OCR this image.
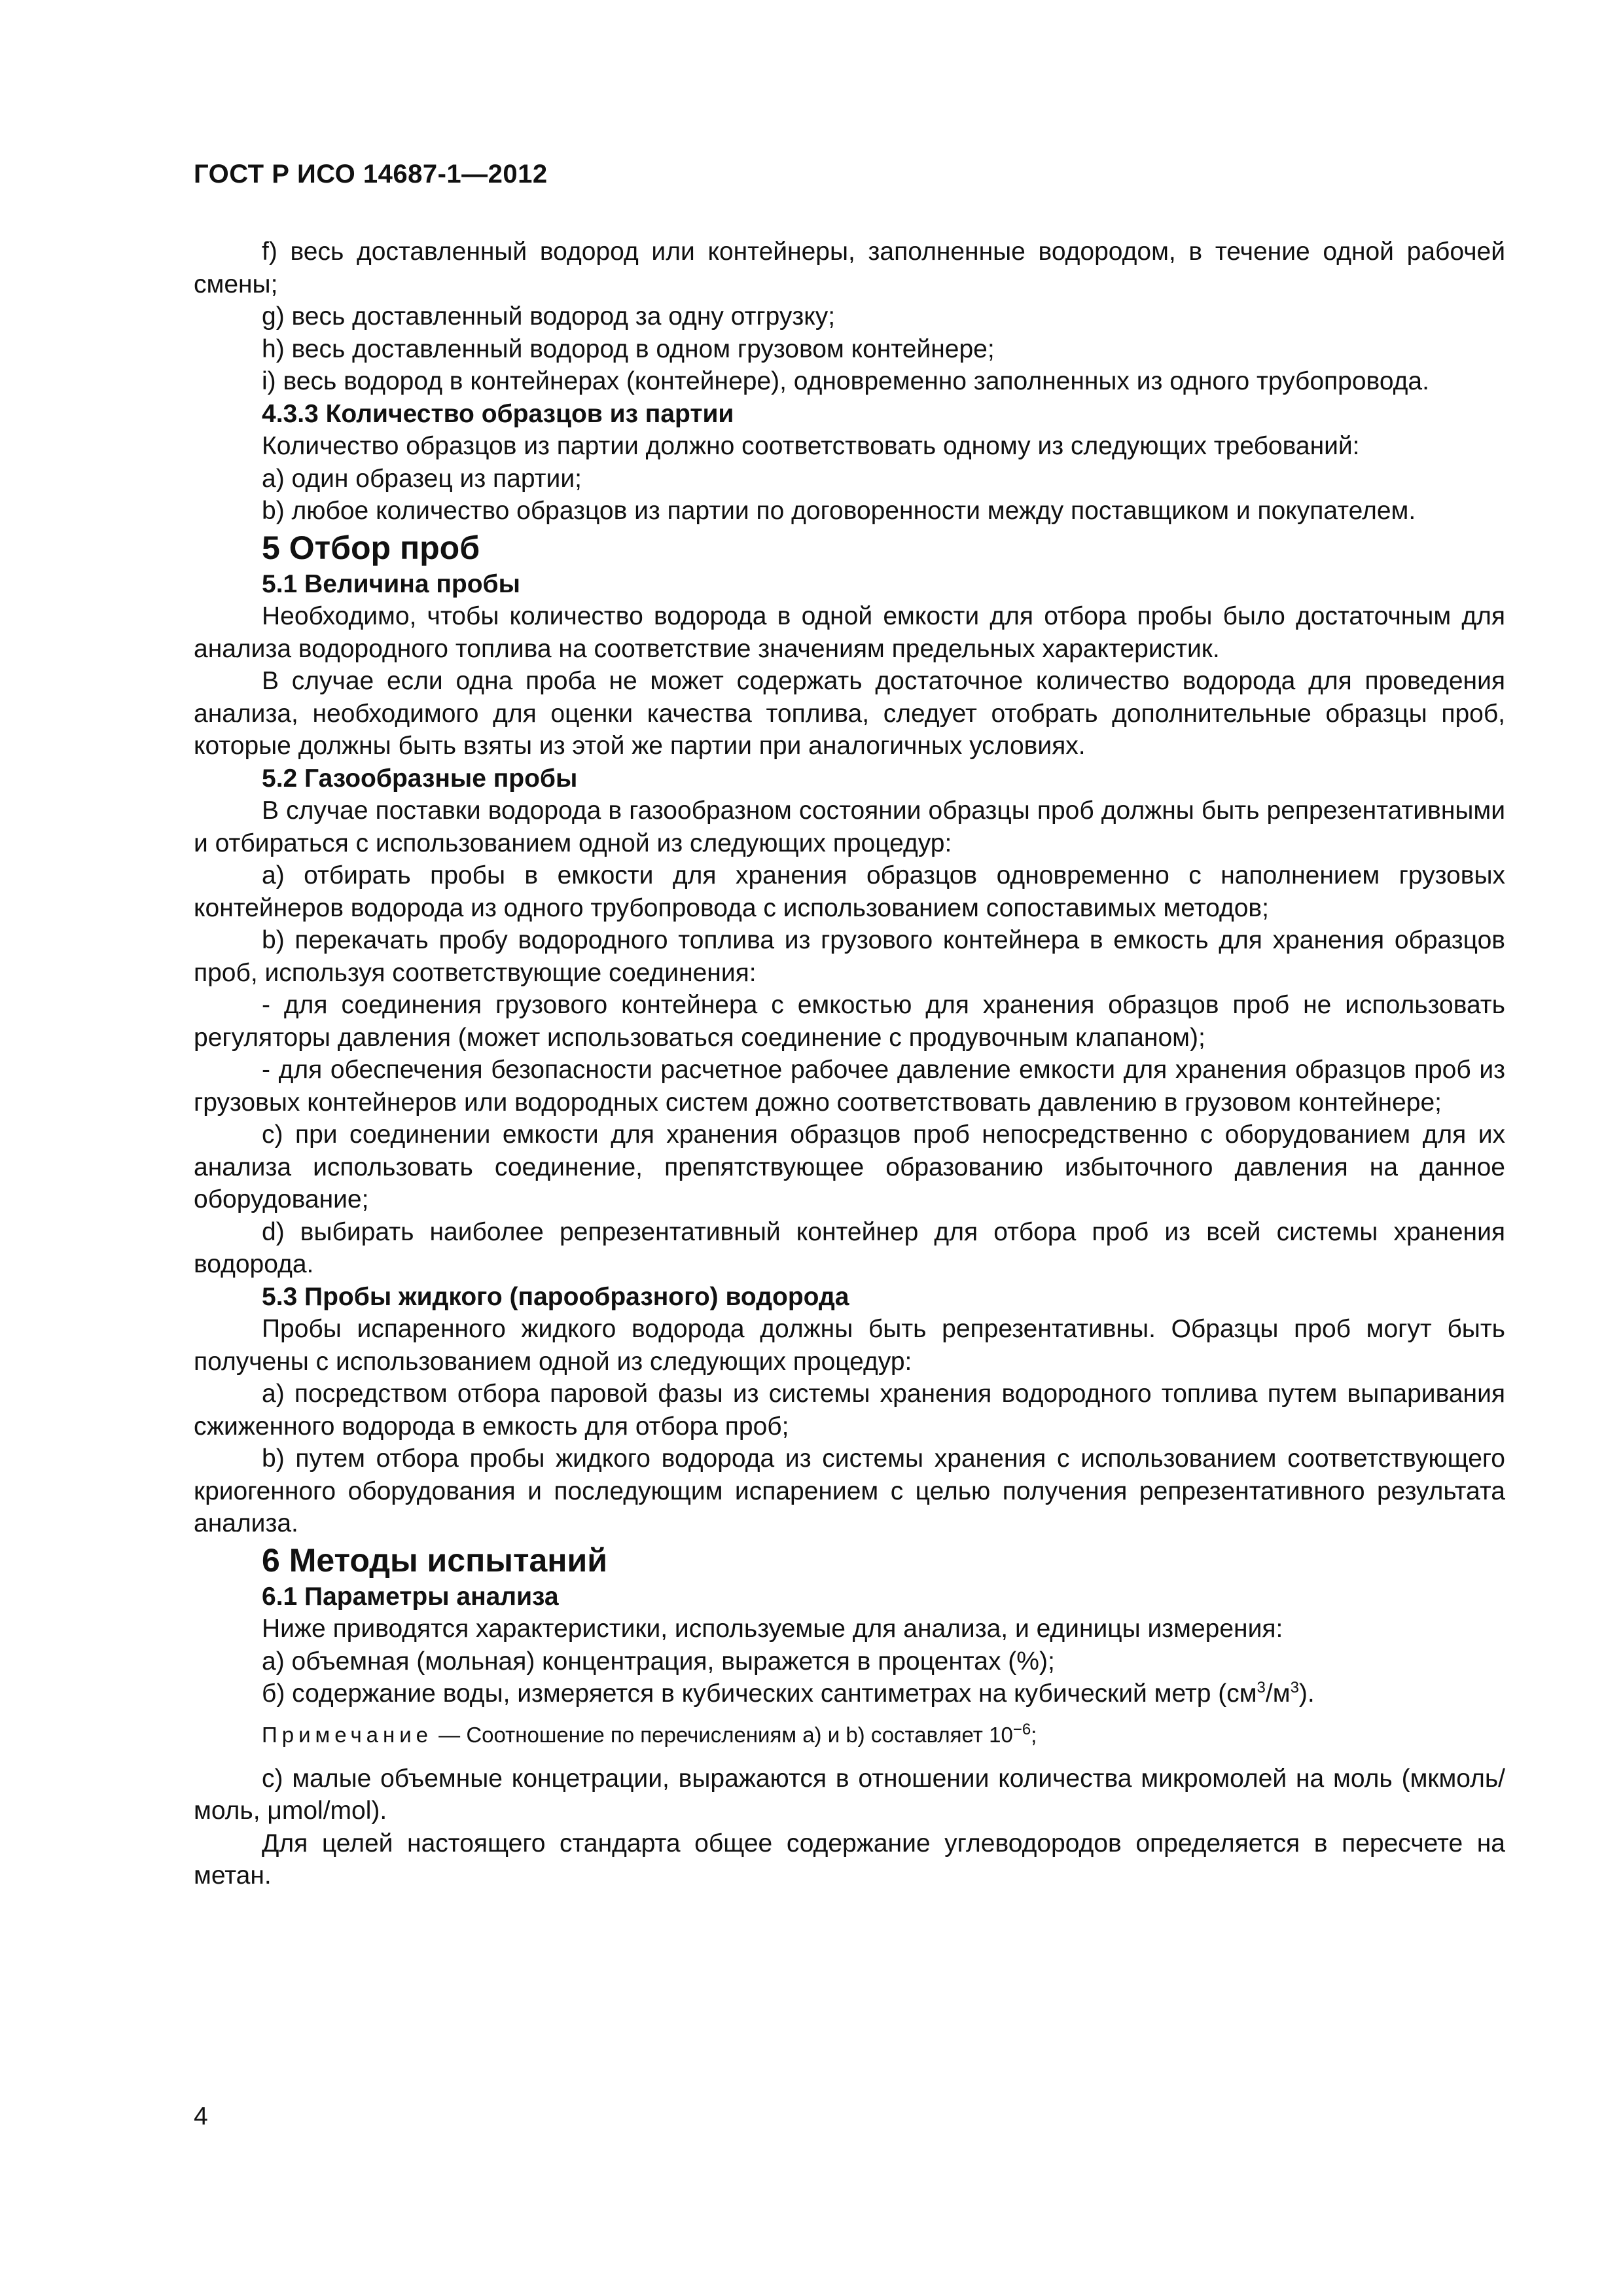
ГОСТ Р ИСО 14687-1—2012

f) весь доставленный водород или контейнеры, заполненные водородом, в течение одной рабочей смены;

g) весь доставленный водород за одну отгрузку;

h) весь доставленный водород в одном грузовом контейнере;

i) весь водород в контейнерах (контейнере), одновременно заполненных из одного трубопровода.

4.3.3 Количество образцов из партии

Количество образцов из партии должно соответствовать одному из следующих требований:

a) один образец из партии;

b) любое количество образцов из партии по договоренности между поставщиком и покупателем.

5 Отбор проб

5.1 Величина пробы

Необходимо, чтобы количество водорода в одной емкости для отбора пробы было достаточным для анализа водородного топлива на соответствие значениям предельных характеристик.

В случае если одна проба не может содержать достаточное количество водорода для проведения анализа, необходимого для оценки качества топлива, следует отобрать дополнительные образцы проб, которые должны быть взяты из этой же партии при аналогичных условиях.

5.2 Газообразные пробы

В случае поставки водорода в газообразном состоянии образцы проб должны быть репрезентативными и отбираться с использованием одной из следующих процедур:

a) отбирать пробы в емкости для хранения образцов одновременно с наполнением грузовых контейнеров водорода из одного трубопровода с использованием сопоставимых методов;

b) перекачать пробу водородного топлива из грузового контейнера в емкость для хранения образцов проб, используя соответствующие соединения:

- для соединения грузового контейнера с емкостью для хранения образцов проб не использовать регуляторы давления (может использоваться соединение с продувочным клапаном);

- для обеспечения безопасности расчетное рабочее давление емкости для хранения образцов проб из грузовых контейнеров или водородных систем дожно соответствовать давлению в грузовом контейнере;

c) при соединении емкости для хранения образцов проб непосредственно с оборудованием для их анализа использовать соединение, препятствующее образованию избыточного давления на данное оборудование;

d) выбирать наиболее репрезентативный контейнер для отбора проб из всей системы хранения водорода.

5.3 Пробы жидкого (парообразного) водорода

Пробы испаренного жидкого водорода должны быть репрезентативны. Образцы проб могут быть получены с использованием одной из следующих процедур:

a) посредством отбора паровой фазы из системы хранения водородного топлива путем выпаривания сжиженного водорода в емкость для отбора проб;

b) путем отбора пробы жидкого водорода из системы хранения с использованием соответствующего криогенного оборудования и последующим испарением с целью получения репрезентативного результата анализа.

6 Методы испытаний

6.1 Параметры анализа

Ниже приводятся характеристики, используемые для анализа, и единицы измерения:

a) объемная (мольная) концентрация, выражется в процентах (%);

б) содержание воды, измеряется в кубических сантиметрах на кубический метр $(см^3/м^3)$.

Примечание — Соотношение по перечислениям а) и b) составляет $10^{-6}$;

c) малые объемные концетрации, выражаются в отношении количества микромолей на моль (мкмоль/моль, μmol/mol).

Для целей настоящего стандарта общее содержание углеводородов определяется в пересчете на метан.

4
